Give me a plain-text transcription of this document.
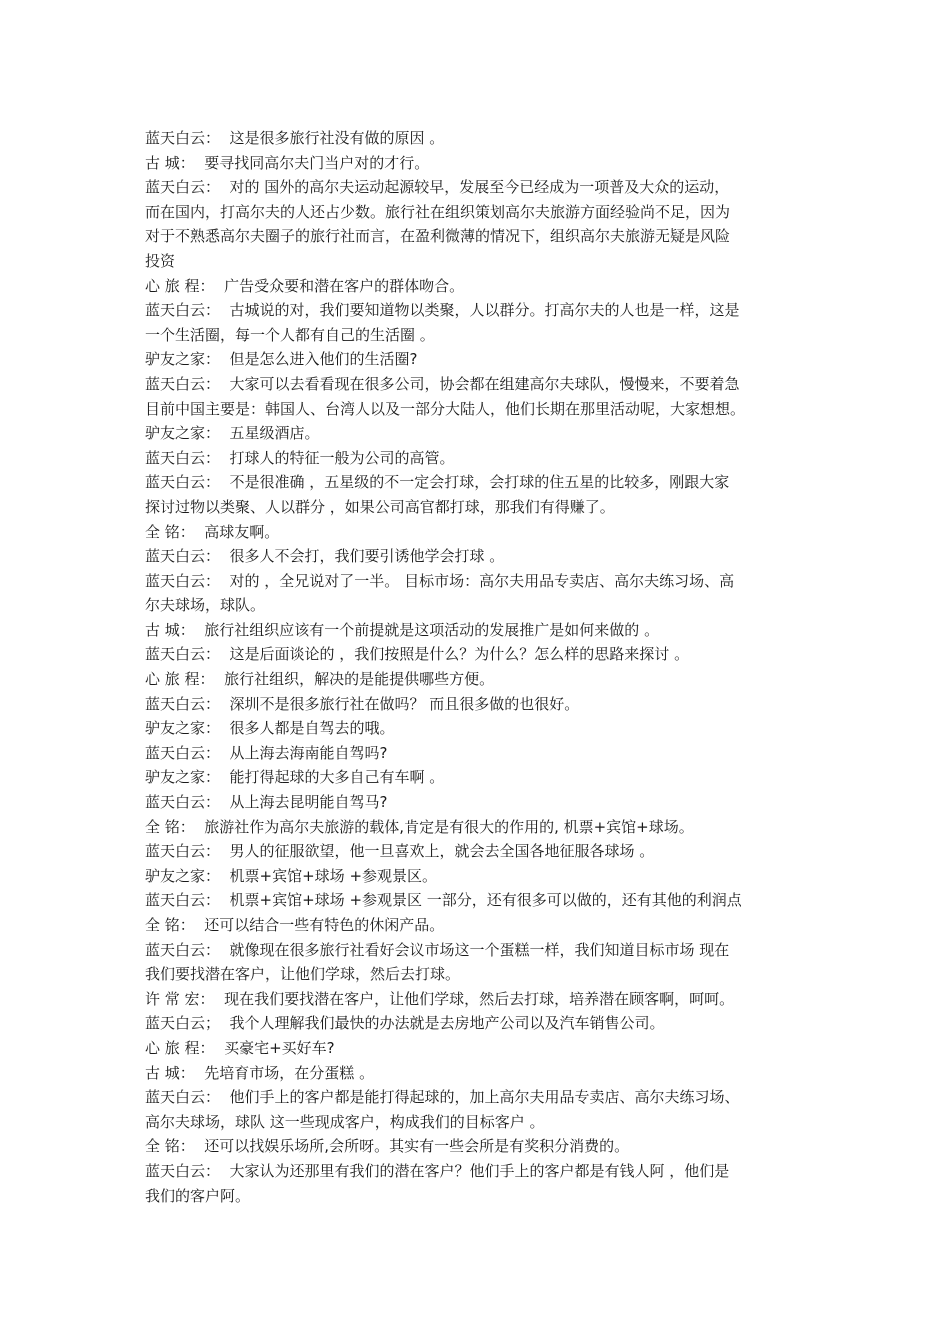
蓝天白云：  这是很多旅行社没有做的原因 。
古 城：  要寻找同高尔夫门当户对的才行。
蓝天白云：  对的 国外的高尔夫运动起源较早，发展至今已经成为一项普及大众的运动，
而在国内，打高尔夫的人还占少数。旅行社在组织策划高尔夫旅游方面经验尚不足，因为
对于不熟悉高尔夫圈子的旅行社而言，在盈利微薄的情况下，组织高尔夫旅游无疑是风险
投资
心 旅 程：  广告受众要和潜在客户的群体吻合。
蓝天白云：  古城说的对，我们要知道物以类聚，人以群分。打高尔夫的人也是一样，这是
一个生活圈，每一个人都有自己的生活圈 。
驴友之家：  但是怎么进入他们的生活圈?
蓝天白云：  大家可以去看看现在很多公司，协会都在组建高尔夫球队，慢慢来，不要着急
目前中国主要是：韩国人、台湾人以及一部分大陆人，他们长期在那里活动呢，大家想想。
驴友之家：  五星级酒店。
蓝天白云：  打球人的特征一般为公司的高管。
蓝天白云：  不是很准确 ，五星级的不一定会打球，会打球的住五星的比较多，刚跟大家
探讨过物以类聚、人以群分 ，如果公司高官都打球，那我们有得赚了。
全 铭：  高球友啊。
蓝天白云：  很多人不会打，我们要引诱他学会打球 。
蓝天白云：  对的 ，全兄说对了一半。 目标市场：高尔夫用品专卖店、高尔夫练习场、高
尔夫球场，球队。
古 城：  旅行社组织应该有一个前提就是这项活动的发展推广是如何来做的 。
蓝天白云：  这是后面谈论的 ，我们按照是什么？为什么？怎么样的思路来探讨 。
心 旅 程：  旅行社组织，解决的是能提供哪些方便。
蓝天白云：  深圳不是很多旅行社在做吗？ 而且很多做的也很好。
驴友之家：  很多人都是自驾去的哦。
蓝天白云：  从上海去海南能自驾吗?
驴友之家：  能打得起球的大多自己有车啊 。
蓝天白云：  从上海去昆明能自驾马?
全 铭：  旅游社作为高尔夫旅游的载体,肯定是有很大的作用的, 机票+宾馆+球场。
蓝天白云：  男人的征服欲望，他一旦喜欢上，就会去全国各地征服各球场 。
驴友之家：  机票+宾馆+球场 +参观景区。
蓝天白云：  机票+宾馆+球场 +参观景区 一部分，还有很多可以做的，还有其他的利润点
全 铭：  还可以结合一些有特色的休闲产品。
蓝天白云：  就像现在很多旅行社看好会议市场这一个蛋糕一样，我们知道目标市场 现在
我们要找潜在客户，让他们学球，然后去打球。
许 常 宏：  现在我们要找潜在客户，让他们学球，然后去打球，培养潜在顾客啊，呵呵。
蓝天白云；  我个人理解我们最快的办法就是去房地产公司以及汽车销售公司。
心 旅 程：  买豪宅+买好车?
古 城：  先培育市场，在分蛋糕 。
蓝天白云：  他们手上的客户都是能打得起球的，加上高尔夫用品专卖店、高尔夫练习场、
高尔夫球场，球队 这一些现成客户，构成我们的目标客户 。
全 铭：  还可以找娱乐场所,会所呀。其实有一些会所是有奖积分消费的。
蓝天白云：  大家认为还那里有我们的潜在客户？他们手上的客户都是有钱人阿 ，他们是
我们的客户阿。
